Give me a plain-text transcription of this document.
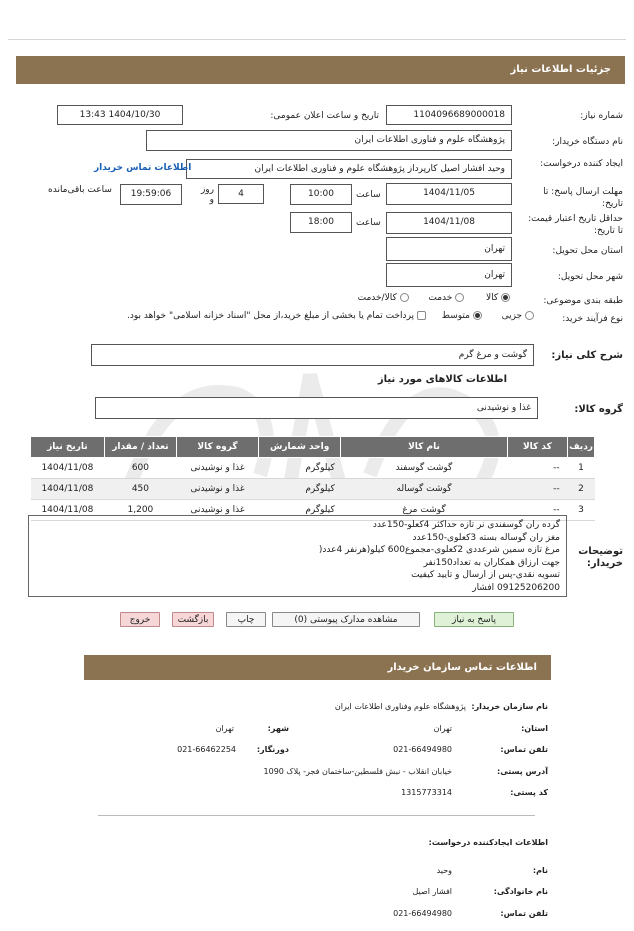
جزئیات اطلاعات نیاز
شماره نیاز:
1104096689000018
تاریخ و ساعت اعلان عمومی:
1404/10/30 13:43
نام دستگاه خریدار:
پژوهشگاه علوم و فناوری اطلاعات ایران
ایجاد کننده درخواست:
وحید افشار اصیل کارپرداز پژوهشگاه علوم و فناوری اطلاعات ایران
اطلاعات تماس خریدار
مهلت ارسال پاسخ: تا تاریخ:
1404/11/05
ساعت
10:00
4
روز و
19:59:06
ساعت باقی‌مانده
حداقل تاریخ اعتبار قیمت: تا تاریخ:
1404/11/08
ساعت
18:00
استان محل تحویل:
تهران
شهر محل تحویل:
تهران
طبقه بندی موضوعی:
کالا   خدمت   کالا/خدمت
نوع فرآیند خرید:
جزیی   متوسط   پرداخت تمام یا بخشی از مبلغ خرید،از محل "اسناد خزانه اسلامی" خواهد بود.
شرح کلی نیاز:
گوشت و مرغ گرم
اطلاعات کالاهای مورد نیاز
گروه کالا:
غذا و نوشیدنی
ردیف	کد کالا	نام کالا	واحد شمارش	گروه کالا	تعداد / مقدار	تاریخ نیاز
1	--	گوشت گوسفند	کیلوگرم	غذا و نوشیدنی	600	1404/11/08
2	--	گوشت گوساله	کیلوگرم	غذا و نوشیدنی	450	1404/11/08
3	--	گوشت مرغ	کیلوگرم	غذا و نوشیدنی	1,200	1404/11/08
توضیحات خریدار:
گرده ران گوسفندی نر تازه حداکثر 4کعلو-150عدد
مغز ران گوساله بسته 3کعلوی-150عدد
مرغ تازه سمین شرعددی 2کعلوی-مجموع600 کیلو(هرنفر 4عدد(
جهت ارزاق همکاران به تعداد150نفر
تسویه نقدی-پس از ارسال و تایید کیفیت
09125206200 افشار
پاسخ به نیاز
مشاهده مدارک پیوستی (0)
چاپ
بازگشت
خروج
اطلاعات تماس سازمان خریدار
نام سازمان خریدار:
پژوهشگاه علوم وفناوری اطلاعات ایران
استان:
تهران
شهر:
تهران
تلفن تماس:
021-66494980
دورنگار:
021-66462254
آدرس پستی:
خیابان انقلاب - نبش فلسطین-ساختمان فجر- پلاک 1090
کد پستی:
1315773314
اطلاعات ایجادکننده درخواست:
نام:
وحید
نام خانوادگی:
افشار اصیل
تلفن تماس:
021-66494980
